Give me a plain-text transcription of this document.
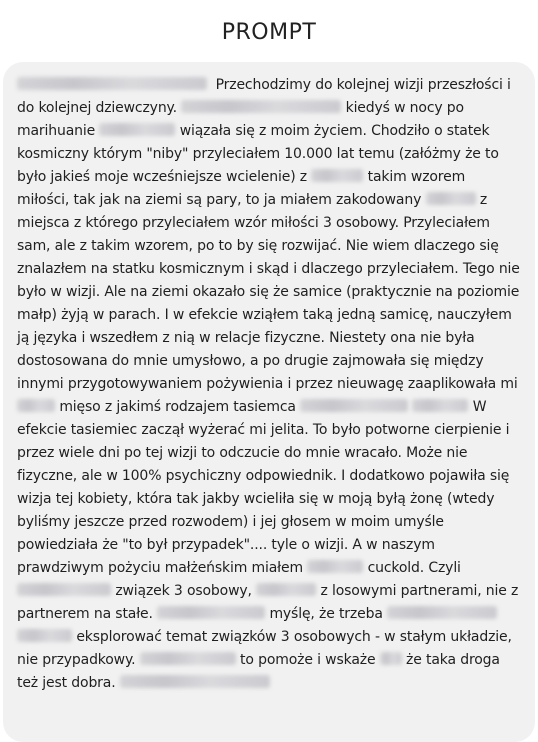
PROMPT
Przechodzimy do kolejnej wizji przeszłości i do kolejnej dziewczyny.	kiedyś w nocy po marihuanie	wiązała się z moim życiem. Chodziło o statek kosmiczny którym "niby" przyleciałem 10.000 lat temu (załóżmy że to było jakieś moje wcześniejsze wcielenie) z	takim wzorem miłości, tak jak na ziemi są pary, to ja miałem zakodowany	z miejsca z którego przyleciałem wzór miłości 3 osobowy. Przyleciałem sam, ale z takim wzorem, po to by się rozwijać. Nie wiem dlaczego się znalazłem na statku kosmicznym i skąd i dlaczego przyleciałem. Tego nie było w wizji. Ale na ziemi okazało się że samice (praktycznie na poziomie małp) żyją w parach. I w efekcie wziąłem taką jedną samicę, nauczyłem ją języka i wszedłem z nią w relacje fizyczne. Niestety ona nie była dostosowana do mnie umysłowo, a po drugie zajmowała się między innymi przygotowywaniem pożywienia i przez nieuwagę zaaplikowała mi  mięso z jakimś rodzajem tasiemca	W efekcie tasiemiec zaczął wyżerać mi jelita. To było potworne cierpienie i przez wiele dni po tej wizji to odczucie do mnie wracało. Może nie fizyczne, ale w 100% psychiczny odpowiednik. I dodatkowo pojawiła się wizja tej kobiety, która tak jakby wcieliła się w moją byłą żonę (wtedy byliśmy jeszcze przed rozwodem) i jej głosem w moim umyśle powiedziała że "to był przypadek".... tyle o wizji. A w naszym prawdziwym pożyciu małżeńskim miałem	cuckold. Czyli  związek 3 osobowy,	z losowymi partnerami, nie z partnerem na stałe.	myślę, że trzeba   eksplorować temat związków 3 osobowych - w stałym układzie, nie przypadkowy.	to pomoże i wskaże że taka droga też jest dobra.
